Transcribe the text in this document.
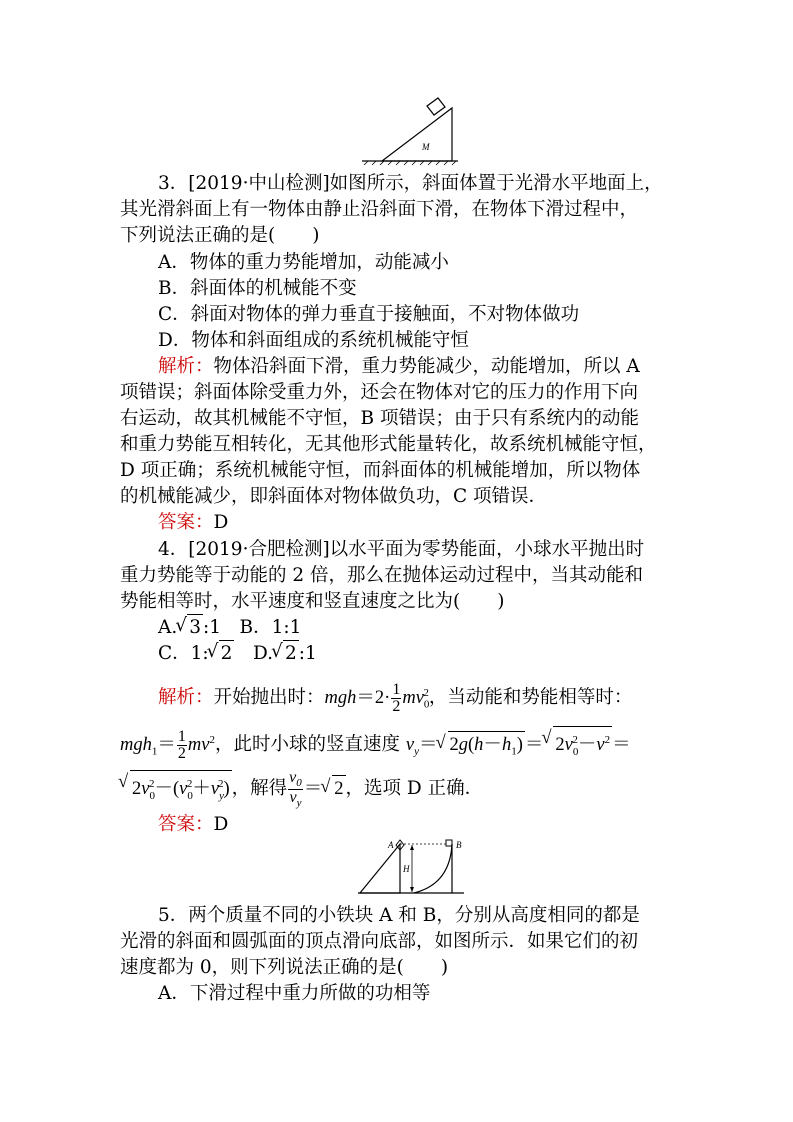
M
3．[2019·中山检测]如图所示，斜面体置于光滑水平地面上，
其光滑斜面上有一物体由静止沿斜面下滑，在物体下滑过程中，
下列说法正确的是(　　)
A．物体的重力势能增加，动能减小
B．斜面体的机械能不变
C．斜面对物体的弹力垂直于接触面，不对物体做功
D．物体和斜面组成的系统机械能守恒
解析：物体沿斜面下滑，重力势能减少，动能增加，所以 A
项错误；斜面体除受重力外，还会在物体对它的压力的作用下向
右运动，故其机械能不守恒，B 项错误；由于只有系统内的动能
和重力势能互相转化，无其他形式能量转化，故系统机械能守恒，
D 项正确；系统机械能守恒，而斜面体的机械能增加，所以物体
的机械能减少，即斜面体对物体做负功，C 项错误．
答案：D
4．[2019·合肥检测]以水平面为零势能面，小球水平抛出时
重力势能等于动能的 2 倍，那么在抛体运动过程中，当其动能和
势能相等时，水平速度和竖直速度之比为(　　)
A.√ 3 :1　B．1:1
C．1:√ 2　D.√ 2 :1
解析：开始抛出时：$mgh=2\cdot \frac{1}{2} mv_0^2$，当动能和势能相等时：
$mgh_1= \frac{1}{2} mv^2$，此时小球的竖直速度 $v_y=√$ $2g(h-h_1)$ ＝√ $2v_0^2-v^2$ ＝
√ $2v_0^2-(v_0^2+v_y^2)$ ，解得 $\frac{v_0}{v_y}$ ＝√ 2 ，选项 D 正确．
答案：D
A	B
H
5．两个质量不同的小铁块 A 和 B，分别从高度相同的都是
光滑的斜面和圆弧面的顶点滑向底部，如图所示．如果它们的初
速度都为 0，则下列说法正确的是(　　)
A．下滑过程中重力所做的功相等
